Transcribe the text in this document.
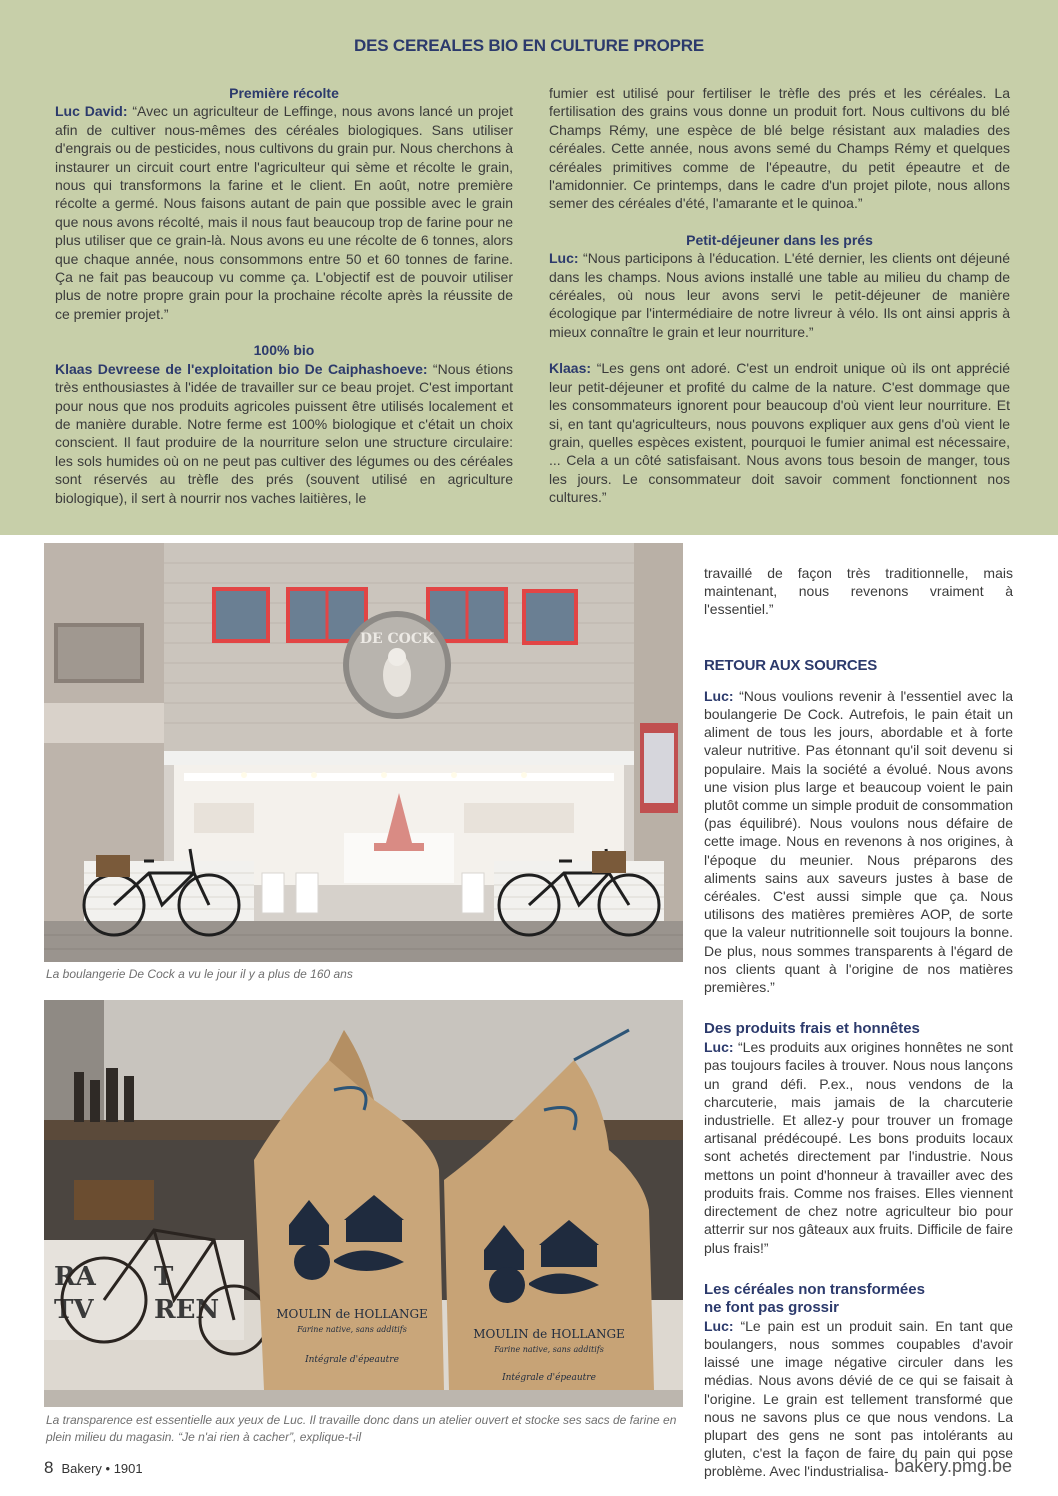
DES CEREALES BIO EN CULTURE PROPRE

Première récolte

Luc David: “Avec un agriculteur de Leffinge, nous avons lancé un projet afin de cultiver nous-mêmes des céréales biologiques. Sans utiliser d'engrais ou de pesticides, nous cultivons du grain pur. Nous cherchons à instaurer un circuit court entre l'agriculteur qui sème et récolte le grain, nous qui transformons la farine et le client. En août, notre première récolte a germé. Nous faisons autant de pain que possible avec le grain que nous avons récolté, mais il nous faut beaucoup trop de farine pour ne plus utiliser que ce grain-là. Nous avons eu une récolte de 6 tonnes, alors que chaque année, nous consommons entre 50 et 60 tonnes de farine. Ça ne fait pas beaucoup vu comme ça. L'objectif est de pouvoir utiliser plus de notre propre grain pour la prochaine récolte après la réussite de ce premier projet.”

100% bio

Klaas Devreese de l'exploitation bio De Caiphashoeve: “Nous étions très enthousiastes à l'idée de travailler sur ce beau projet. C'est important pour nous que nos produits agricoles puissent être utilisés localement et de manière durable. Notre ferme est 100% biologique et c'était un choix conscient. Il faut produire de la nourriture selon une structure circulaire: les sols humides où on ne peut pas cultiver des légumes ou des céréales sont réservés au trèfle des prés (souvent utilisé en agriculture biologique), il sert à nourrir nos vaches laitières, le

fumier est utilisé pour fertiliser le trèfle des prés et les céréales. La fertilisation des grains vous donne un produit fort. Nous cultivons du blé Champs Rémy, une espèce de blé belge résistant aux maladies des céréales. Cette année, nous avons semé du Champs Rémy et quelques céréales primitives comme de l'épeautre, du petit épeautre et de l'amidonnier. Ce printemps, dans le cadre d'un projet pilote, nous allons semer des céréales d'été, l'amarante et le quinoa.”

Petit-déjeuner dans les prés

Luc: “Nous participons à l'éducation. L'été dernier, les clients ont déjeuné dans les champs. Nous avions installé une table au milieu du champ de céréales, où nous leur avons servi le petit-déjeuner de manière écologique par l'intermédiaire de notre livreur à vélo. Ils ont ainsi appris à mieux connaître le grain et leur nourriture.”

Klaas: “Les gens ont adoré. C'est un endroit unique où ils ont apprécié leur petit-déjeuner et profité du calme de la nature. C'est dommage que les consommateurs ignorent pour beaucoup d'où vient leur nourriture. Et si, en tant qu'agriculteurs, nous pouvons expliquer aux gens d'où vient le grain, quelles espèces existent, pourquoi le fumier animal est nécessaire, ... Cela a un côté satisfaisant. Nous avons tous besoin de manger, tous les jours. Le consommateur doit savoir comment fonctionnent nos cultures.”

DE COCK
La boulangerie De Cock a vu le jour il y a plus de 160 ans
RA T
TV REN	MOULIN de HOLLANGE
Farine native, sans additifs
Intégrale d'épeautre
MOULIN de HOLLANGE
Farine native, sans additifs
Intégrale d'épeautre
La transparence est essentielle aux yeux de Luc. Il travaille donc dans un atelier ouvert et stocke ses sacs de farine en plein milieu du magasin. “Je n'ai rien à cacher”, explique-t-il

travaillé de façon très traditionnelle, mais maintenant, nous revenons vraiment à l'essentiel.”

RETOUR AUX SOURCES

Luc: “Nous voulions revenir à l'essentiel avec la boulangerie De Cock. Autrefois, le pain était un aliment de tous les jours, abordable et à forte valeur nutritive. Pas étonnant qu'il soit devenu si populaire. Mais la société a évolué. Nous avons une vision plus large et beaucoup voient le pain plutôt comme un simple produit de consommation (pas équilibré). Nous voulons nous défaire de cette image. Nous en revenons à nos origines, à l'époque du meunier. Nous préparons des aliments sains aux saveurs justes à base de céréales. C'est aussi simple que ça. Nous utilisons des matières premières AOP, de sorte que la valeur nutritionnelle soit toujours la bonne. De plus, nous sommes transparents à l'égard de nos clients quant à l'origine de nos matières premières.”

Des produits frais et honnêtes

Luc: “Les produits aux origines honnêtes ne sont pas toujours faciles à trouver. Nous nous lançons un grand défi. P.ex., nous vendons de la charcuterie, mais jamais de la charcuterie industrielle. Et allez-y pour trouver un fromage artisanal prédécoupé. Les bons produits locaux sont achetés directement par l'industrie. Nous mettons un point d'honneur à travailler avec des produits frais. Comme nos fraises. Elles viennent directement de chez notre agriculteur bio pour atterrir sur nos gâteaux aux fruits. Difficile de faire plus frais!”

Les céréales non transformées

ne font pas grossir

Luc: “Le pain est un produit sain. En tant que boulangers, nous sommes coupables d'avoir laissé une image négative circuler dans les médias. Nous avons dévié de ce qui se faisait à l'origine. Le grain est tellement transformé que nous ne savons plus ce que nous vendons. La plupart des gens ne sont pas intolérants au gluten, c'est la façon de faire du pain qui pose problème. Avec l'industrialisa-

8 Bakery • 1901	bakery.pmg.be
